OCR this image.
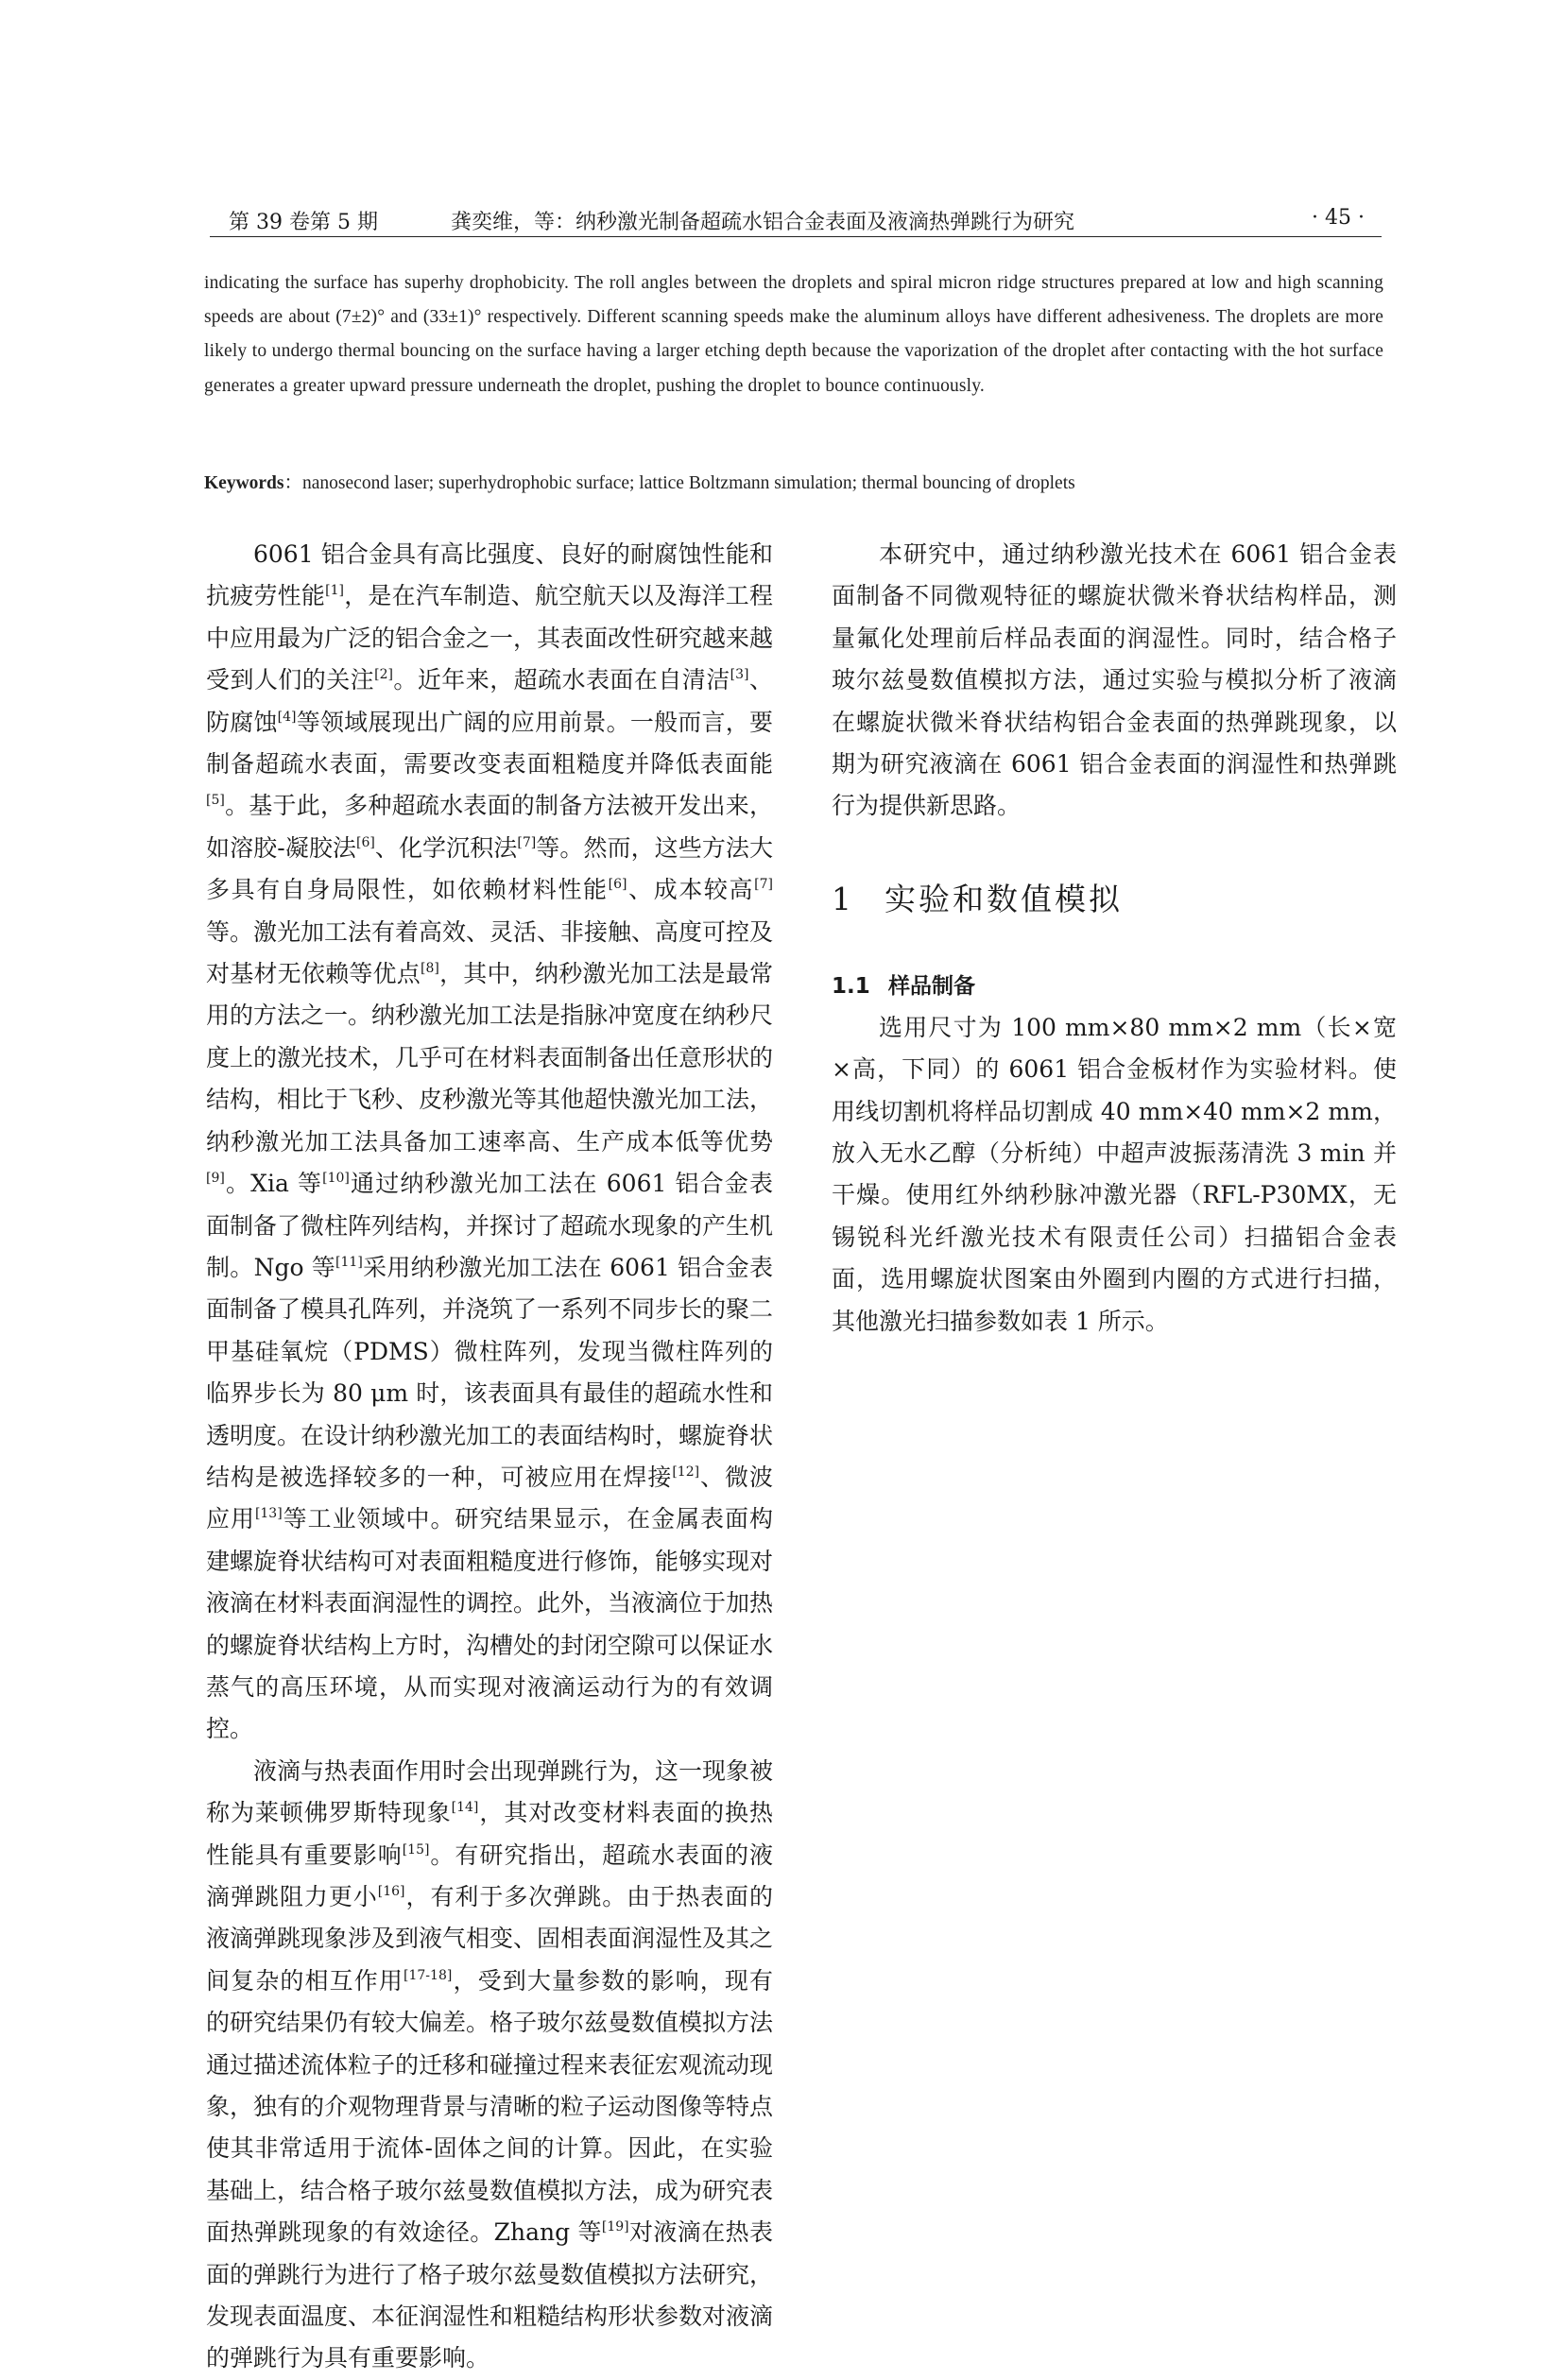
第 39 卷第 5 期	龚奕维，等：纳秒激光制备超疏水铝合金表面及液滴热弹跳行为研究	· 45 ·

indicating the surface has superhy drophobicity. The roll angles between the droplets and spiral micron ridge structures prepared at low and high scanning speeds are about (7±2)° and (33±1)° respectively. Different scanning speeds make the aluminum alloys have different adhesiveness. The droplets are more likely to undergo thermal bouncing on the surface having a larger etching depth because the vaporization of the droplet after contacting with the hot surface generates a greater upward pressure underneath the droplet, pushing the droplet to bounce continuously.

Keywords：nanosecond laser; superhydrophobic surface; lattice Boltzmann simulation; thermal bouncing of droplets

6061 铝合金具有高比强度、良好的耐腐蚀性能和抗疲劳性能[1]，是在汽车制造、航空航天以及海洋工程中应用最为广泛的铝合金之一，其表面改性研究越来越受到人们的关注[2]。近年来，超疏水表面在自清洁[3]、防腐蚀[4]等领域展现出广阔的应用前景。一般而言，要制备超疏水表面，需要改变表面粗糙度并降低表面能[5]。基于此，多种超疏水表面的制备方法被开发出来，如溶胶-凝胶法[6]、化学沉积法[7]等。然而，这些方法大多具有自身局限性，如依赖材料性能[6]、成本较高[7]等。激光加工法有着高效、灵活、非接触、高度可控及对基材无依赖等优点[8]，其中，纳秒激光加工法是最常用的方法之一。纳秒激光加工法是指脉冲宽度在纳秒尺度上的激光技术，几乎可在材料表面制备出任意形状的结构，相比于飞秒、皮秒激光等其他超快激光加工法，纳秒激光加工法具备加工速率高、生产成本低等优势[9]。Xia 等[10]通过纳秒激光加工法在 6061 铝合金表面制备了微柱阵列结构，并探讨了超疏水现象的产生机制。Ngo 等[11]采用纳秒激光加工法在 6061 铝合金表面制备了模具孔阵列，并浇筑了一系列不同步长的聚二甲基硅氧烷（PDMS）微柱阵列，发现当微柱阵列的临界步长为 80 μm 时，该表面具有最佳的超疏水性和透明度。在设计纳秒激光加工的表面结构时，螺旋脊状结构是被选择较多的一种，可被应用在焊接[12]、微波应用[13]等工业领域中。研究结果显示，在金属表面构建螺旋脊状结构可对表面粗糙度进行修饰，能够实现对液滴在材料表面润湿性的调控。此外，当液滴位于加热的螺旋脊状结构上方时，沟槽处的封闭空隙可以保证水蒸气的高压环境，从而实现对液滴运动行为的有效调控。

液滴与热表面作用时会出现弹跳行为，这一现象被称为莱顿佛罗斯特现象[14]，其对改变材料表面的换热性能具有重要影响[15]。有研究指出，超疏水表面的液滴弹跳阻力更小[16]，有利于多次弹跳。由于热表面的液滴弹跳现象涉及到液气相变、固相表面润湿性及其之间复杂的相互作用[17-18]，受到大量参数的影响，现有的研究结果仍有较大偏差。格子玻尔兹曼数值模拟方法通过描述流体粒子的迁移和碰撞过程来表征宏观流动现象，独有的介观物理背景与清晰的粒子运动图像等特点使其非常适用于流体-固体之间的计算。因此，在实验基础上，结合格子玻尔兹曼数值模拟方法，成为研究表面热弹跳现象的有效途径。Zhang 等[19]对液滴在热表面的弹跳行为进行了格子玻尔兹曼数值模拟方法研究，发现表面温度、本征润湿性和粗糙结构形状参数对液滴的弹跳行为具有重要影响。

本研究中，通过纳秒激光技术在 6061 铝合金表面制备不同微观特征的螺旋状微米脊状结构样品，测量氟化处理前后样品表面的润湿性。同时，结合格子玻尔兹曼数值模拟方法，通过实验与模拟分析了液滴在螺旋状微米脊状结构铝合金表面的热弹跳现象，以期为研究液滴在 6061 铝合金表面的润湿性和热弹跳行为提供新思路。

1 实验和数值模拟
1.1 样品制备

选用尺寸为 100 mm×80 mm×2 mm（长×宽×高，下同）的 6061 铝合金板材作为实验材料。使用线切割机将样品切割成 40 mm×40 mm×2 mm，放入无水乙醇（分析纯）中超声波振荡清洗 3 min 并干燥。使用红外纳秒脉冲激光器（RFL-P30MX，无锡锐科光纤激光技术有限责任公司）扫描铝合金表面，选用螺旋状图案由外圈到内圈的方式进行扫描，其他激光扫描参数如表 1 所示。
